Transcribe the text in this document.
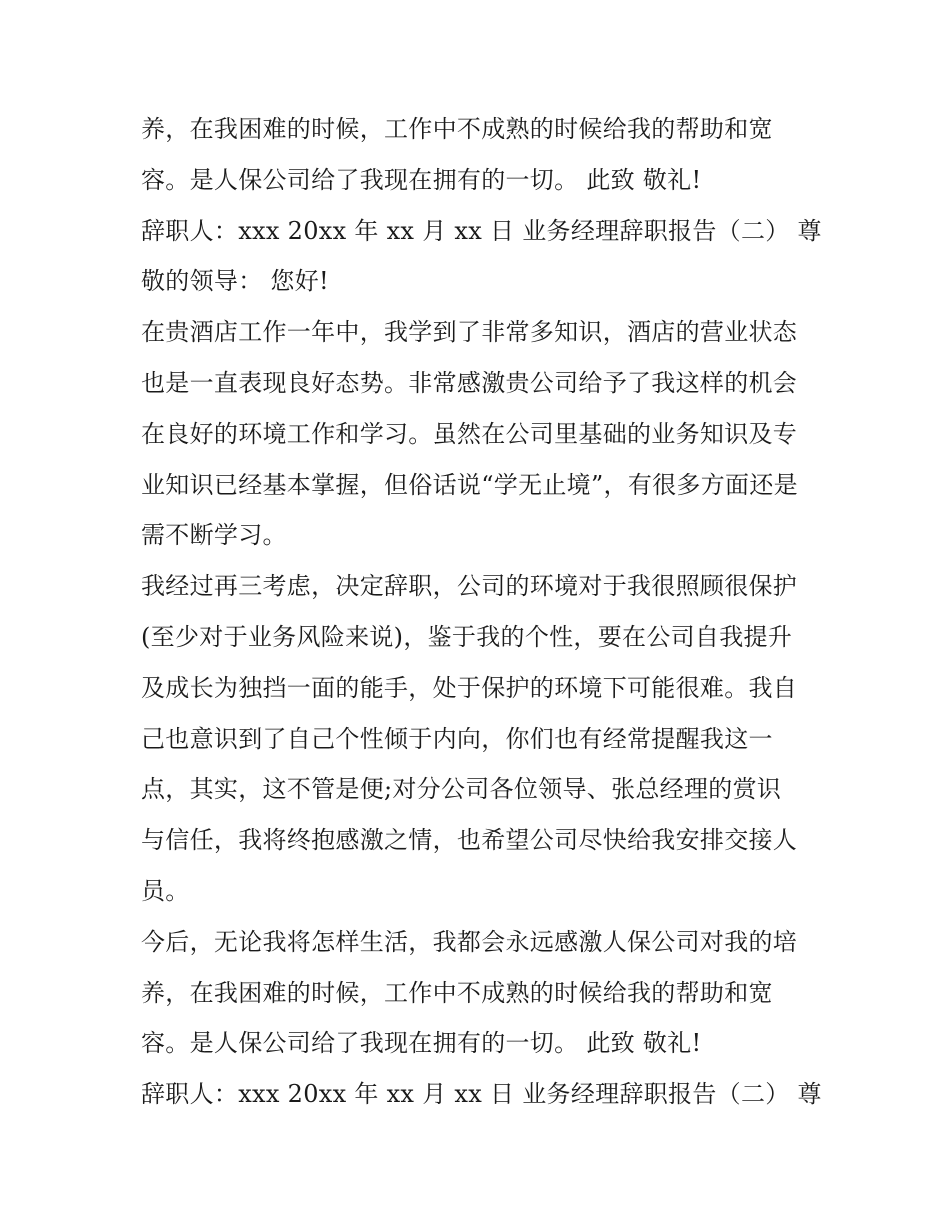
养，在我困难的时候，工作中不成熟的时候给我的帮助和宽
容。是人保公司给了我现在拥有的一切。 此致 敬礼!
辞职人：xxx 20xx 年 xx 月 xx 日 业务经理辞职报告（二） 尊
敬的领导： 您好!
在贵酒店工作一年中，我学到了非常多知识，酒店的营业状态
也是一直表现良好态势。非常感激贵公司给予了我这样的机会
在良好的环境工作和学习。虽然在公司里基础的业务知识及专
业知识已经基本掌握，但俗话说“学无止境”，有很多方面还是
需不断学习。
我经过再三考虑，决定辞职，公司的环境对于我很照顾很保护
(至少对于业务风险来说)，鉴于我的个性，要在公司自我提升
及成长为独挡一面的能手，处于保护的环境下可能很难。我自
己也意识到了自己个性倾于内向，你们也有经常提醒我这一
点，其实，这不管是便;对分公司各位领导、张总经理的赏识
与信任，我将终抱感激之情，也希望公司尽快给我安排交接人
员。
今后，无论我将怎样生活，我都会永远感激人保公司对我的培
养，在我困难的时候，工作中不成熟的时候给我的帮助和宽
容。是人保公司给了我现在拥有的一切。 此致 敬礼!
辞职人：xxx 20xx 年 xx 月 xx 日 业务经理辞职报告（二） 尊
